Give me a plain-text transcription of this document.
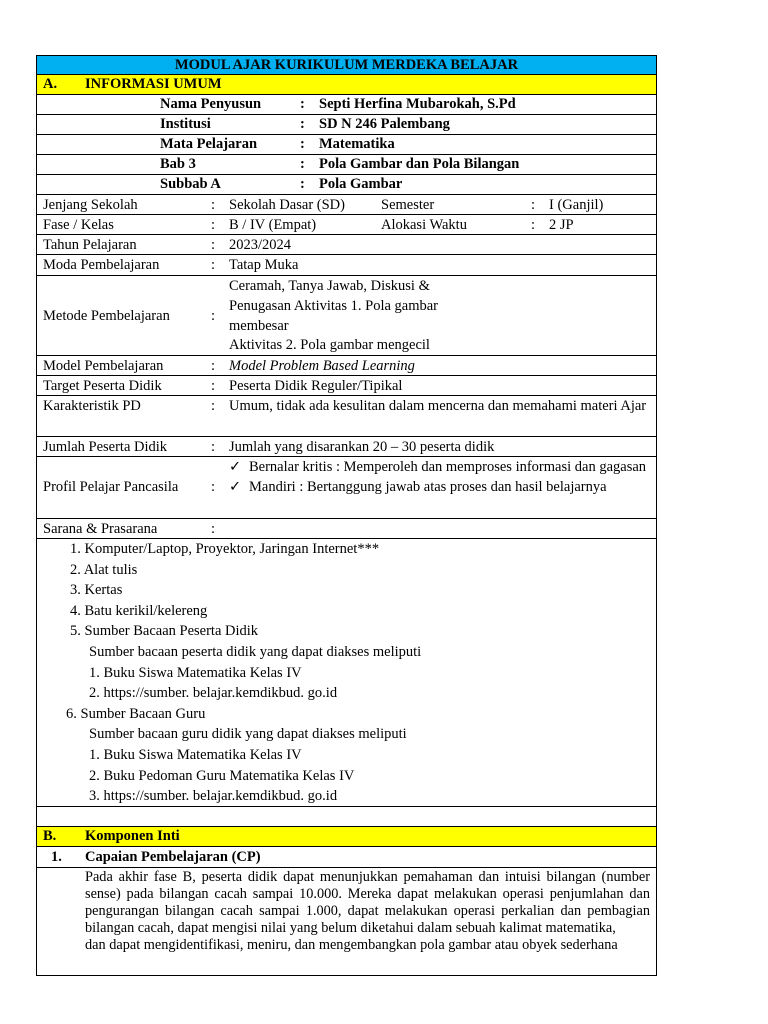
MODUL AJAR KURIKULUM MERDEKA BELAJAR
A. INFORMASI UMUM
Nama Penyusun	: Septi Herfina Mubarokah, S.Pd
Institusi	: SD N 246 Palembang
Mata Pelajaran	: Matematika
Bab 3	: Pola Gambar dan Pola Bilangan
Subbab A	: Pola Gambar
Jenjang Sekolah	: Sekolah Dasar (SD)	Semester	: I (Ganjil)
Fase / Kelas	: B / IV (Empat)	Alokasi Waktu	: 2 JP
Tahun Pelajaran	: 2023/2024
Moda Pembelajaran	: Tatap Muka
Metode Pembelajaran	:
Ceramah, Tanya Jawab, Diskusi &
Penugasan Aktivitas 1. Pola gambar
membesar
Aktivitas 2. Pola gambar mengecil
Model Pembelajaran	: Model Problem Based Learning
Target Peserta Didik	: Peserta Didik Reguler/Tipikal
Karakteristik PD	: Umum, tidak ada kesulitan dalam mencerna dan memahami materi Ajar
Jumlah Peserta Didik	: Jumlah yang disarankan 20 – 30 peserta didik
Profil Pelajar Pancasila :
✓ Bernalar kritis : Memperoleh dan memproses informasi dan gagasan
✓ Mandiri : Bertanggung jawab atas proses dan hasil belajarnya
Sarana & Prasarana	:
1. Komputer/Laptop, Proyektor, Jaringan Internet***
2. Alat tulis
3. Kertas
4. Batu kerikil/kelereng
5. Sumber Bacaan Peserta Didik
Sumber bacaan peserta didik yang dapat diakses meliputi
1. Buku Siswa Matematika Kelas IV
2. https://sumber. belajar.kemdikbud. go.id
6. Sumber Bacaan Guru
Sumber bacaan guru didik yang dapat diakses meliputi
1. Buku Siswa Matematika Kelas IV
2. Buku Pedoman Guru Matematika Kelas IV
3. https://sumber. belajar.kemdikbud. go.id
B. Komponen Inti
1. Capaian Pembelajaran (CP)
Pada akhir fase B, peserta didik dapat menunjukkan pemahaman dan intuisi bilangan (number sense) pada bilangan cacah sampai 10.000. Mereka dapat melakukan operasi penjumlahan dan pengurangan bilangan cacah sampai 1.000, dapat melakukan operasi perkalian dan pembagian bilangan cacah, dapat mengisi nilai yang belum diketahui dalam sebuah kalimat matematika,
dan dapat mengidentifikasi, meniru, dan mengembangkan pola gambar atau obyek sederhana
